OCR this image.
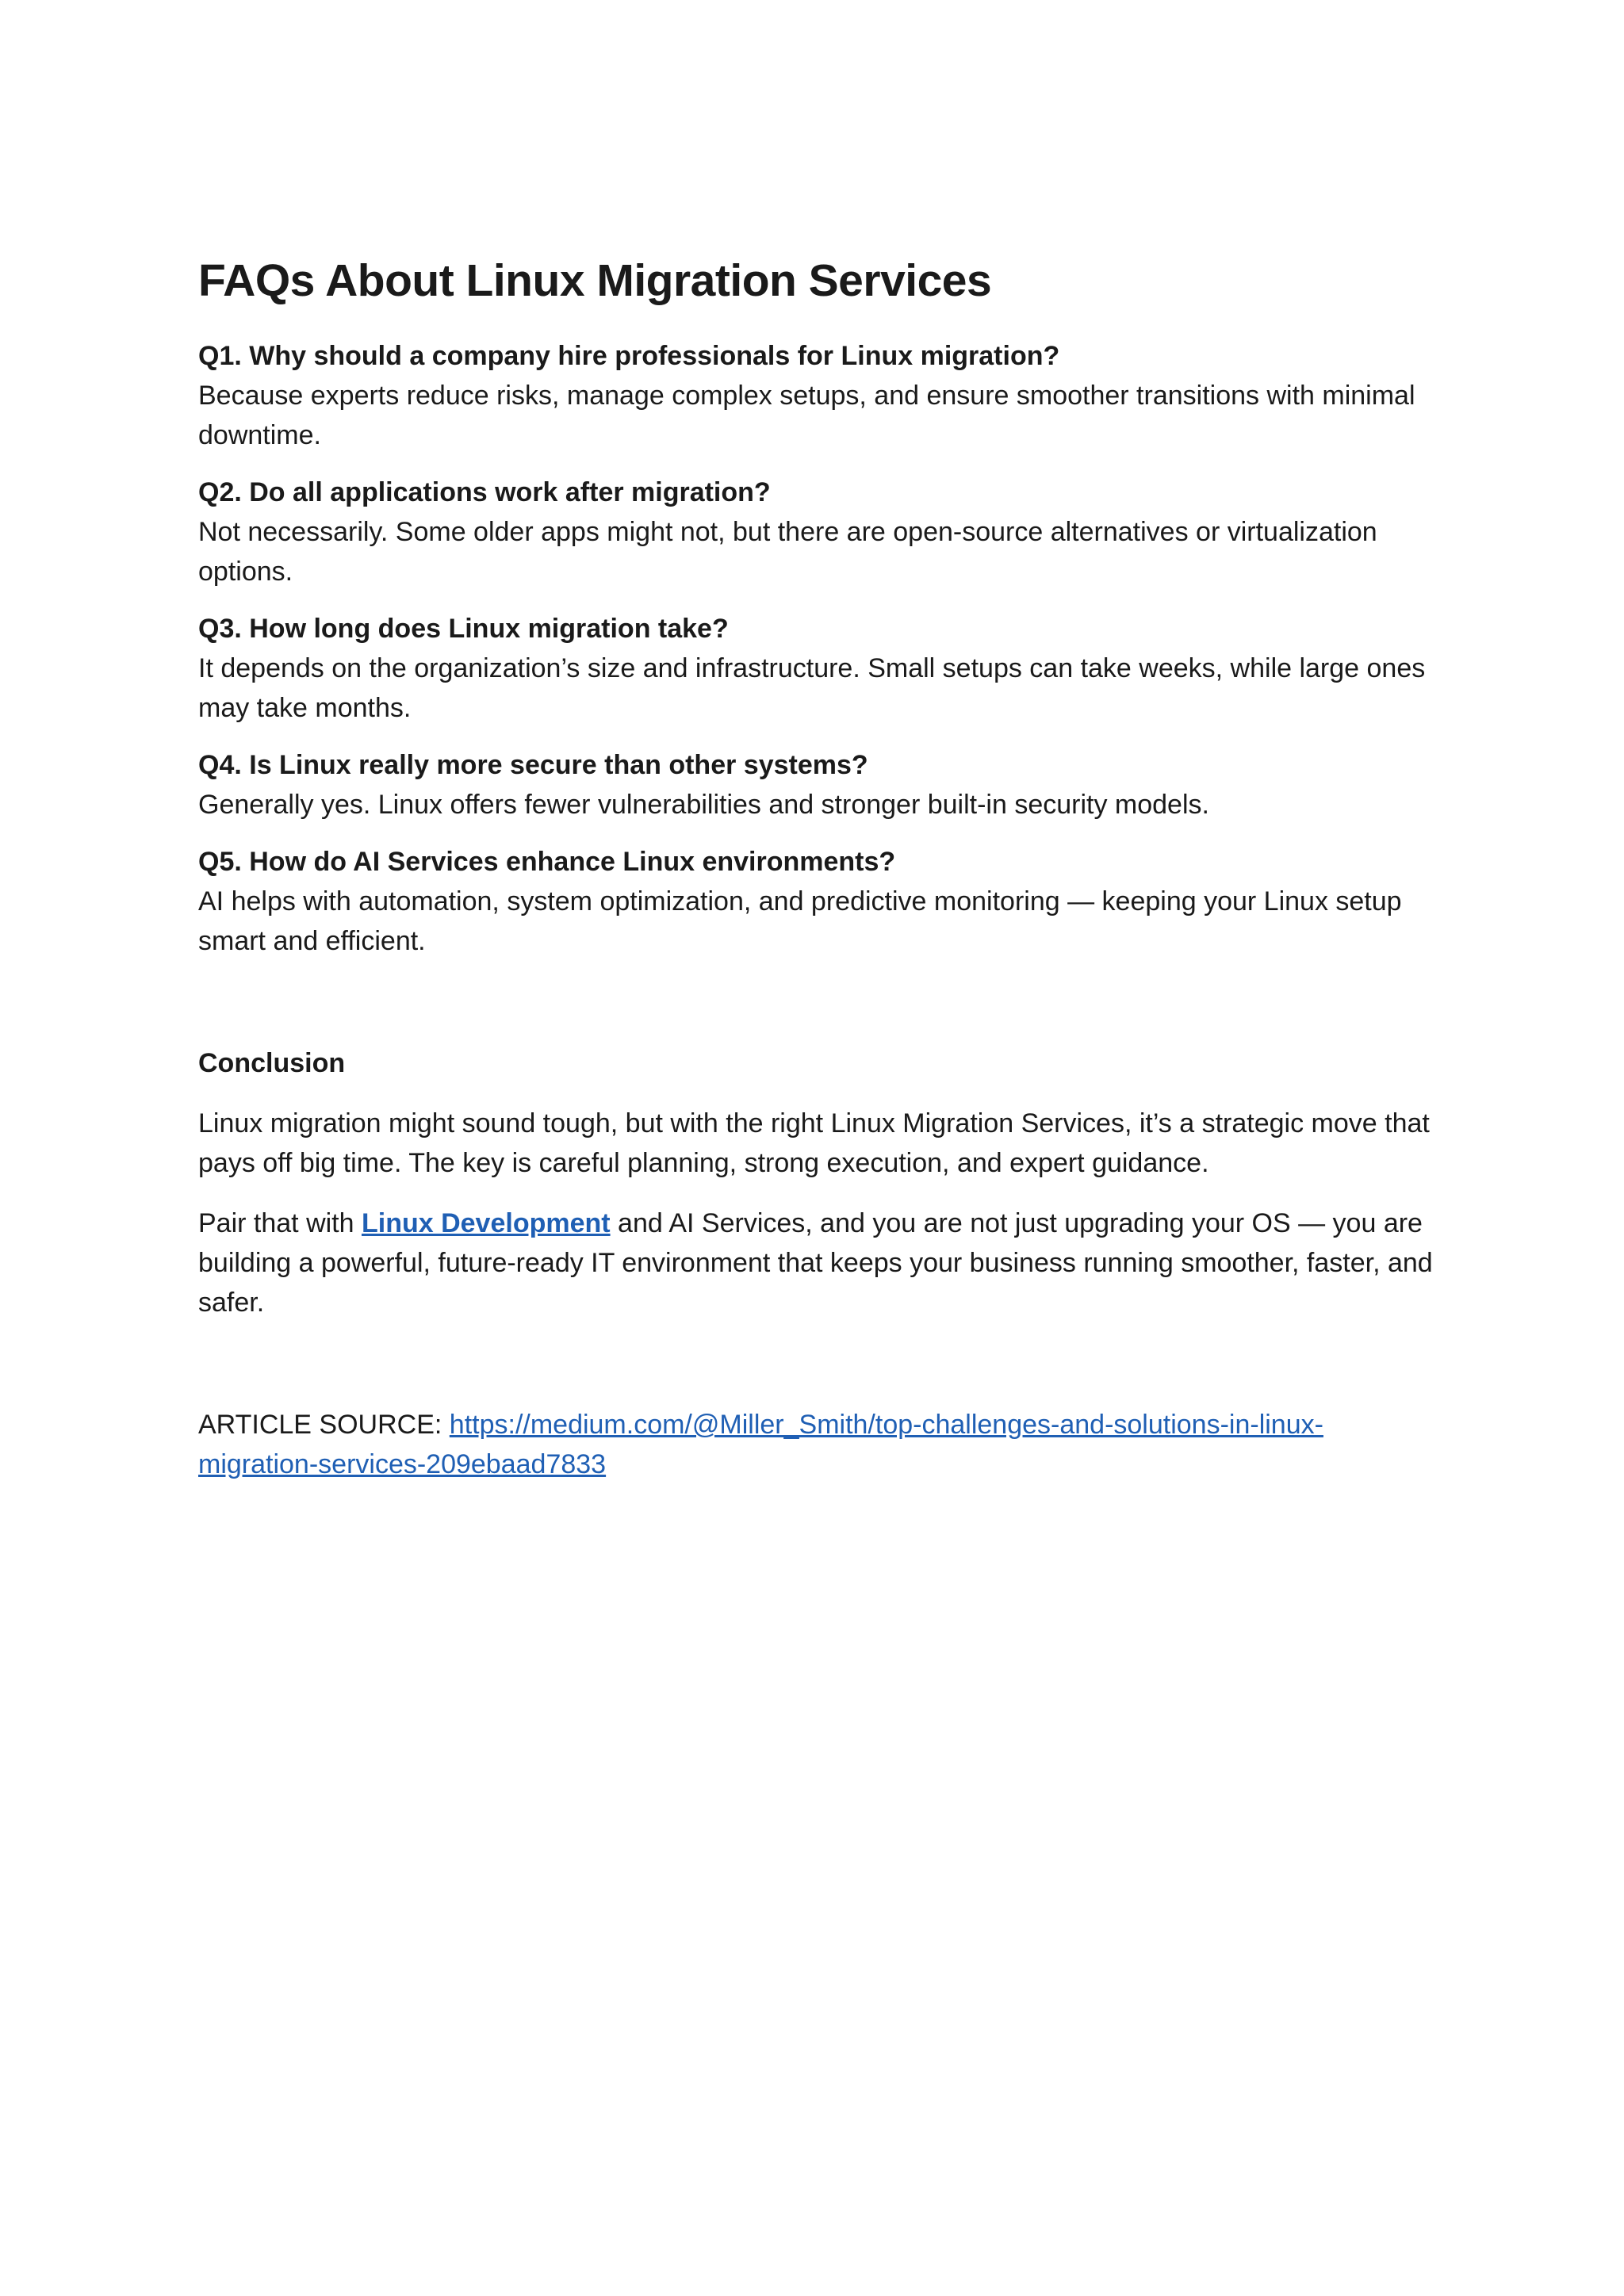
FAQs About Linux Migration Services

Q1. Why should a company hire professionals for Linux migration?

Because experts reduce risks, manage complex setups, and ensure smoother transitions with minimal downtime.

Q2. Do all applications work after migration?

Not necessarily. Some older apps might not, but there are open-source alternatives or virtualization options.

Q3. How long does Linux migration take?

It depends on the organization’s size and infrastructure. Small setups can take weeks, while large ones may take months.

Q4. Is Linux really more secure than other systems?

Generally yes. Linux offers fewer vulnerabilities and stronger built-in security models.

Q5. How do AI Services enhance Linux environments?

AI helps with automation, system optimization, and predictive monitoring — keeping your Linux setup smart and efficient.

Conclusion

Linux migration might sound tough, but with the right Linux Migration Services, it’s a strategic move that pays off big time. The key is careful planning, strong execution, and expert guidance.

Pair that with Linux Development and AI Services, and you are not just upgrading your OS — you are building a powerful, future-ready IT environment that keeps your business running smoother, faster, and safer.

ARTICLE SOURCE: https://medium.com/@Miller_Smith/top-challenges-and-solutions-in-linux-migration-services-209ebaad7833
